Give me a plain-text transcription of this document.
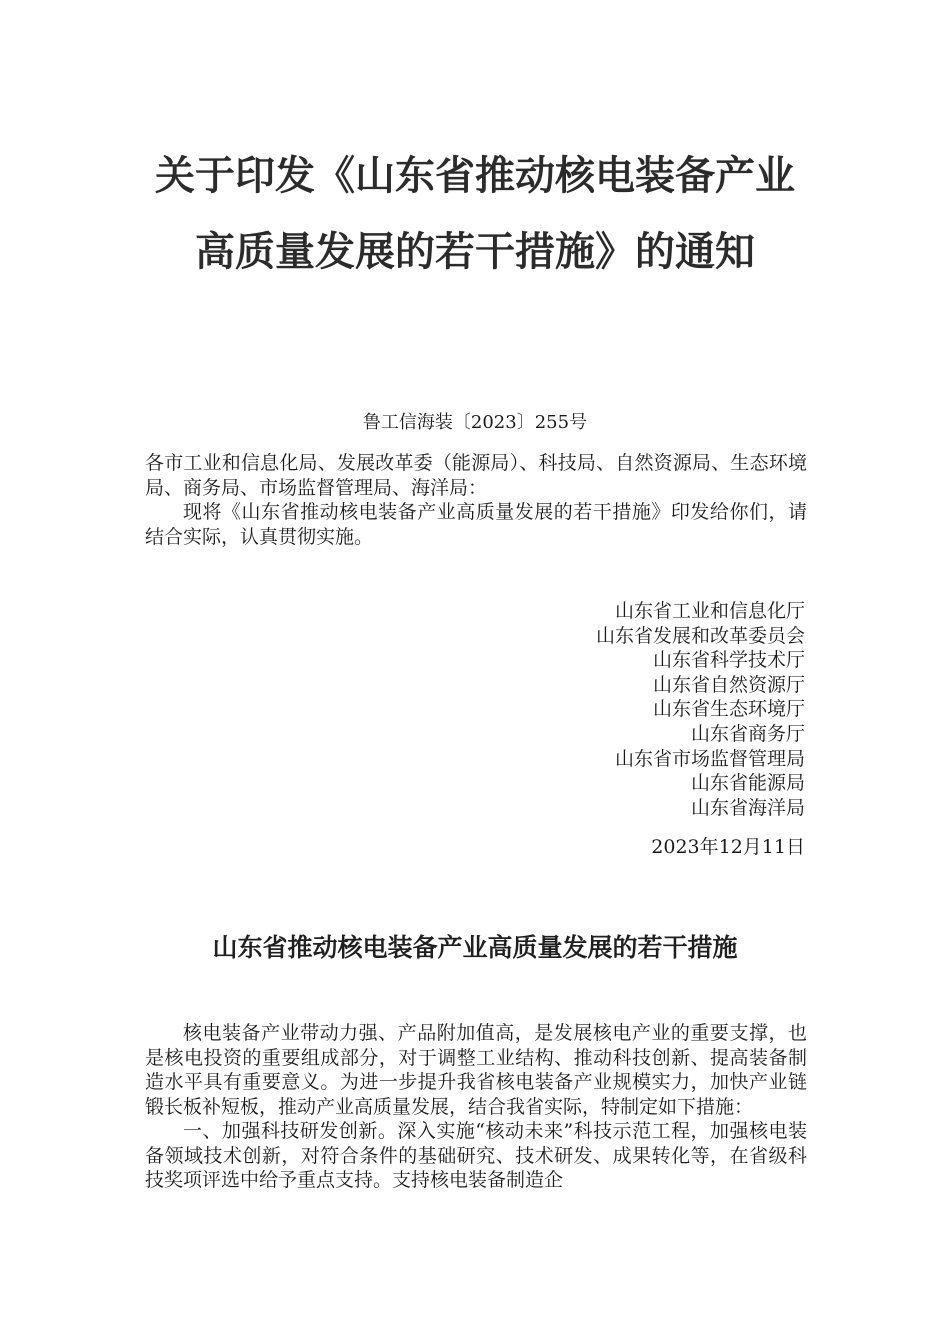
关于印发《山东省推动核电装备产业高质量发展的若干措施》的通知
鲁工信海装〔2023〕255号

各市工业和信息化局、发展改革委（能源局）、科技局、自然资源局、生态环境局、商务局、市场监督管理局、海洋局：

现将《山东省推动核电装备产业高质量发展的若干措施》印发给你们，请结合实际，认真贯彻实施。

山东省工业和信息化厅
山东省发展和改革委员会
山东省科学技术厅
山东省自然资源厅
山东省生态环境厅
山东省商务厅
山东省市场监督管理局
山东省能源局
山东省海洋局
2023年12月11日
山东省推动核电装备产业高质量发展的若干措施

核电装备产业带动力强、产品附加值高，是发展核电产业的重要支撑，也是核电投资的重要组成部分，对于调整工业结构、推动科技创新、提高装备制造水平具有重要意义。为进一步提升我省核电装备产业规模实力，加快产业链锻长板补短板，推动产业高质量发展，结合我省实际，特制定如下措施：

一、加强科技研发创新。深入实施“核动未来”科技示范工程，加强核电装备领域技术创新，对符合条件的基础研究、技术研发、成果转化等，在省级科技奖项评选中给予重点支持。支持核电装备制造企
